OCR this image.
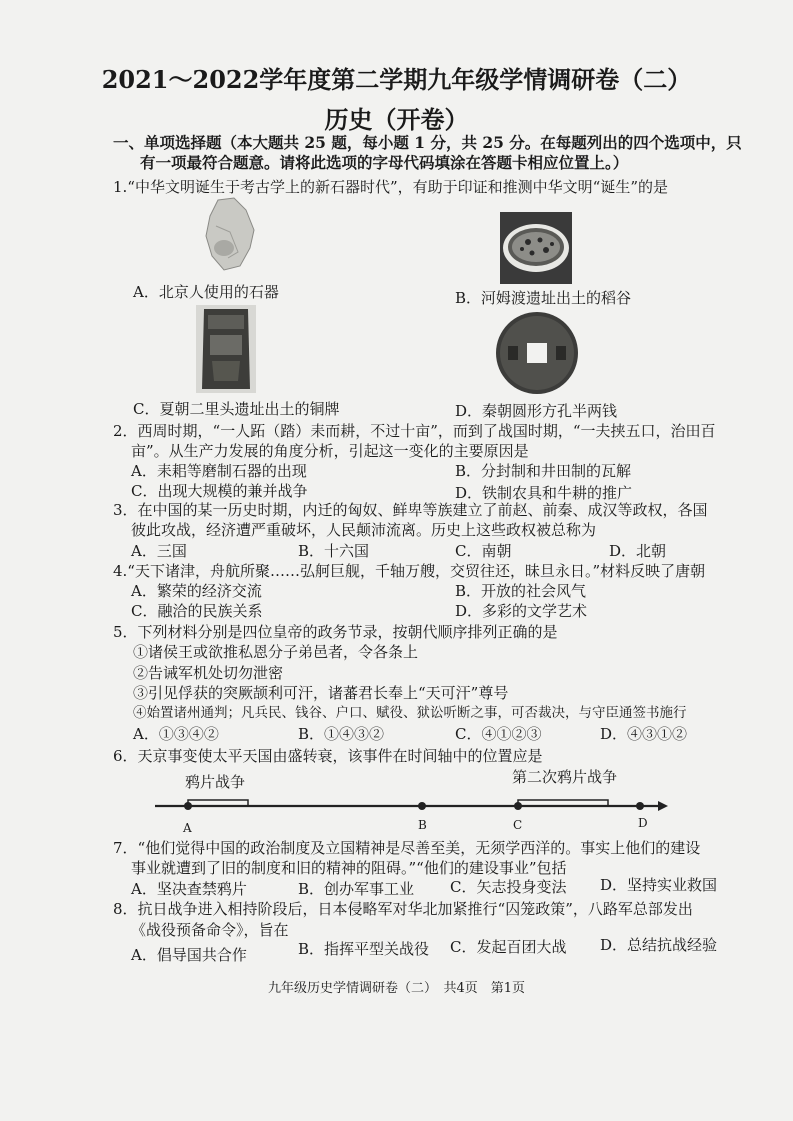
2021～2022学年度第二学期九年级学情调研卷（二）
历史（开卷）
一、单项选择题（本大题共 25 题，每小题 1 分，共 25 分。在每题列出的四个选项中，只
有一项最符合题意。请将此选项的字母代码填涂在答题卡相应位置上。）
1.“中华文明诞生于考古学上的新石器时代”，有助于印证和推测中华文明“诞生”的是
A．北京人使用的石器	B．河姆渡遗址出土的稻谷
C．夏朝二里头遗址出土的铜牌	D．秦朝圆形方孔半两钱
2．西周时期，“一人跖（踏）耒而耕，不过十亩”，而到了战国时期，“一夫挟五口，治田百
亩”。从生产力发展的角度分析，引起这一变化的主要原因是
A．耒耜等磨制石器的出现	B．分封制和井田制的瓦解
C．出现大规模的兼并战争	D．铁制农具和牛耕的推广
3．在中国的某一历史时期，内迁的匈奴、鲜卑等族建立了前赵、前秦、成汉等政权，各国
彼此攻战，经济遭严重破坏，人民颠沛流离。历史上这些政权被总称为
A．三国	B．十六国	C．南朝	D．北朝
4.“天下诸津，舟航所聚……弘舸巨舰，千轴万艘，交贸往还，昧旦永日。”材料反映了唐朝
A．繁荣的经济交流	B．开放的社会风气
C．融洽的民族关系	D．多彩的文学艺术
5．下列材料分别是四位皇帝的政务节录，按朝代顺序排列正确的是
①诸侯王或欲推私恩分子弟邑者，令各条上
②告诫军机处切勿泄密
③引见俘获的突厥颉利可汗，诸蕃君长奉上“天可汗”尊号
④始置诸州通判；凡兵民、钱谷、户口、赋役、狱讼听断之事，可否裁决，与守臣通签书施行
A．①③④②	B．①④③②	C．④①②③	D．④③①②
6．天京事变使太平天国由盛转衰，该事件在时间轴中的位置应是
鸦片战争	第二次鸦片战争
A	B	C	D
7．“他们觉得中国的政治制度及立国精神是尽善至美，无须学西洋的。事实上他们的建设
事业就遭到了旧的制度和旧的精神的阻碍。”“他们的建设事业”包括
A．坚决查禁鸦片	B．创办军事工业 C．矢志投身变法 D．坚持实业救国
8．抗日战争进入相持阶段后，日本侵略军对华北加紧推行“囚笼政策”，八路军总部发出
《战役预备命令》，旨在
A．倡导国共合作	B．指挥平型关战役 C．发起百团大战 D．总结抗战经验
九年级历史学情调研卷（二）　共4页　第1页
